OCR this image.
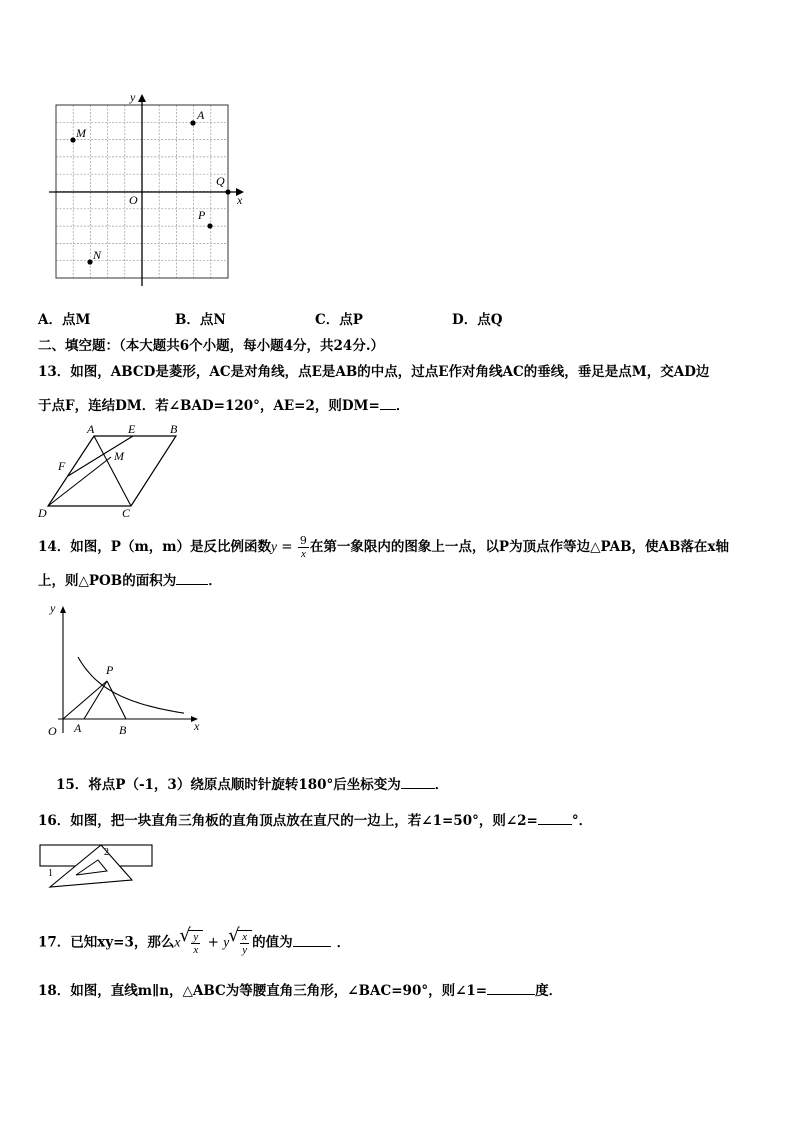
y
A
M
Q
O	x
P
N
A．点M	B．点N	C．点P	D．点Q
二、填空题：（本大题共6个小题，每小题4分，共24分.）
13．如图，ABCD是菱形，AC是对角线，点E是AB的中点，过点E作对角线AC的垂线，垂足是点M，交AD边
于点F，连结DM．若∠BAD=120°，AE=2，则DM= ．
A	E	B
F
M
D	C
14．如图，P（m，m）是反比例函数$y = \frac{9}{x}$ 在第一象限内的图象上一点，以P为顶点作等边△PAB，使AB落在x轴
上，则△POB的面积为 ．
y
P
O A	B	x
15．将点P（-1，3）绕原点顺时针旋转180°后坐标变为	．
16．如图，把一块直角三角板的直角顶点放在直尺的一边上，若∠1=50°，则∠2=	°．
1
2
17．已知xy=3，那么x √ $\frac{y}{x} + y$ √ $\frac{x}{y}$ 的值为	．
18．如图，直线m∥n，△ABC为等腰直角三角形，∠BAC=90°，则∠1=	度．
